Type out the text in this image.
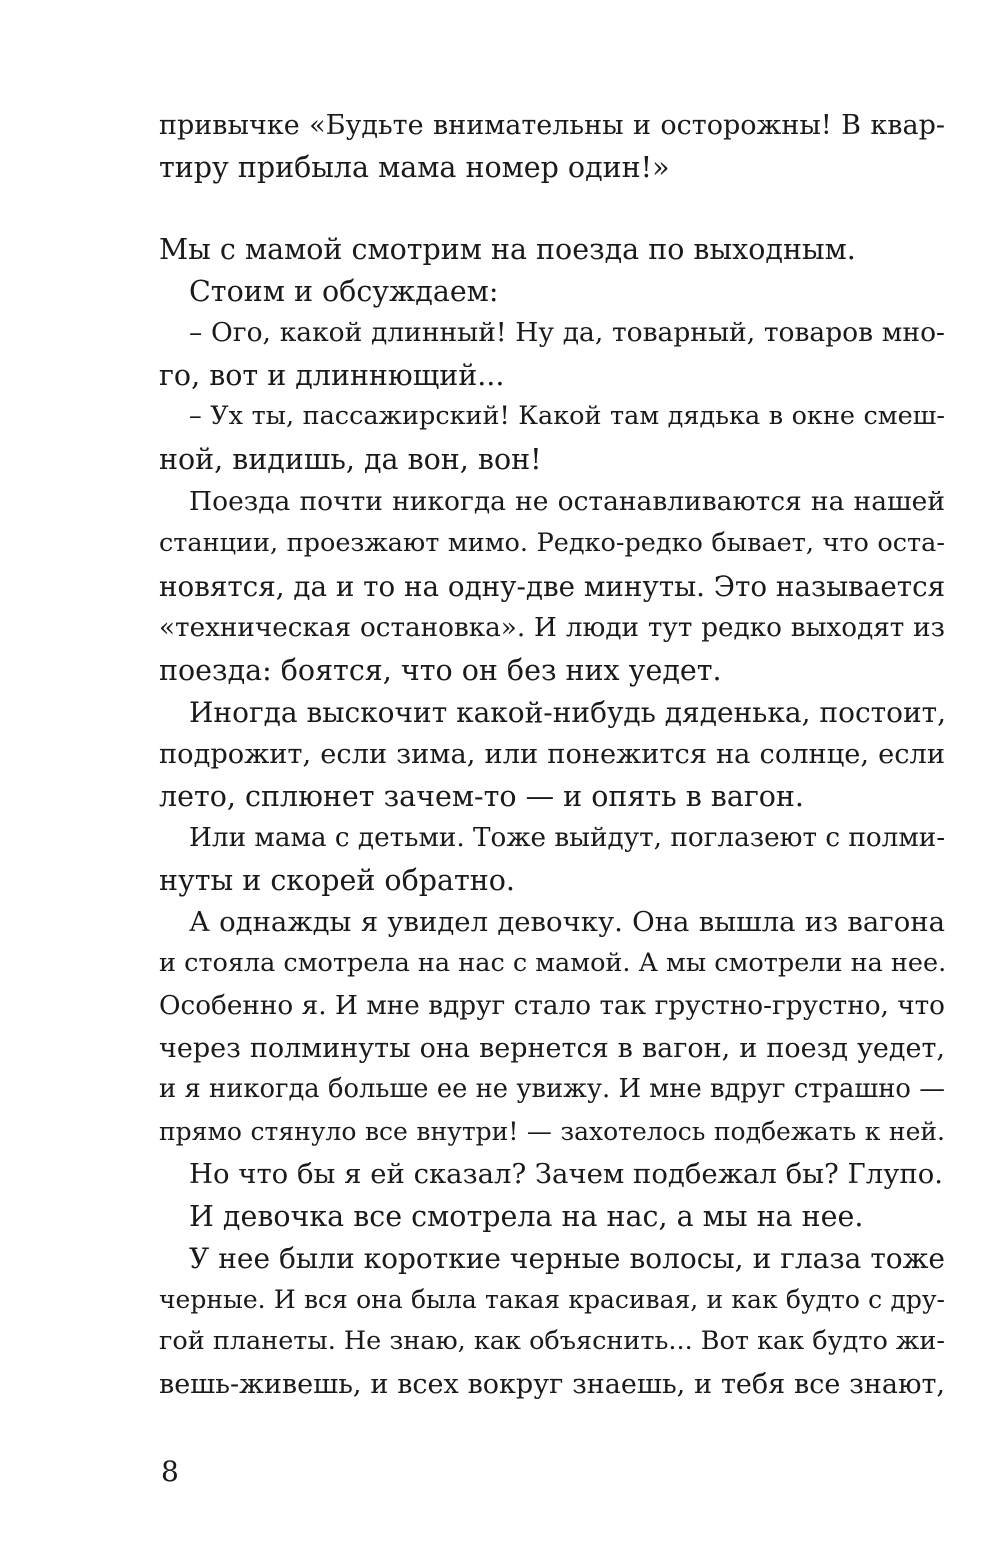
привычке «Будьте внимательны и осторожны! В квар-
тиру прибыла мама номер один!»
Мы с мамой смотрим на поезда по выходным.
Стоим и обсуждаем:
– Ого, какой длинный! Ну да, товарный, товаров мно-
го, вот и длиннющий...
– Ух ты, пассажирский! Какой там дядька в окне смеш-
ной, видишь, да вон, вон!
Поезда почти никогда не останавливаются на нашей
станции, проезжают мимо. Редко-редко бывает, что оста-
новятся, да и то на одну-две минуты. Это называется
«техническая остановка». И люди тут редко выходят из
поезда: боятся, что он без них уедет.
Иногда выскочит какой-нибудь дяденька, постоит,
подрожит, если зима, или понежится на солнце, если
лето, сплюнет зачем-то — и опять в вагон.
Или мама с детьми. Тоже выйдут, поглазеют с полми-
нуты и скорей обратно.
А однажды я увидел девочку. Она вышла из вагона
и стояла смотрела на нас с мамой. А мы смотрели на нее.
Особенно я. И мне вдруг стало так грустно-грустно, что
через полминуты она вернется в вагон, и поезд уедет,
и я никогда больше ее не увижу. И мне вдруг страшно —
прямо стянуло все внутри! — захотелось подбежать к ней.
Но что бы я ей сказал? Зачем подбежал бы? Глупо.
И девочка все смотрела на нас, а мы на нее.
У нее были короткие черные волосы, и глаза тоже
черные. И вся она была такая красивая, и как будто с дру-
гой планеты. Не знаю, как объяснить... Вот как будто жи-
вешь-живешь, и всех вокруг знаешь, и тебя все знают,
8
